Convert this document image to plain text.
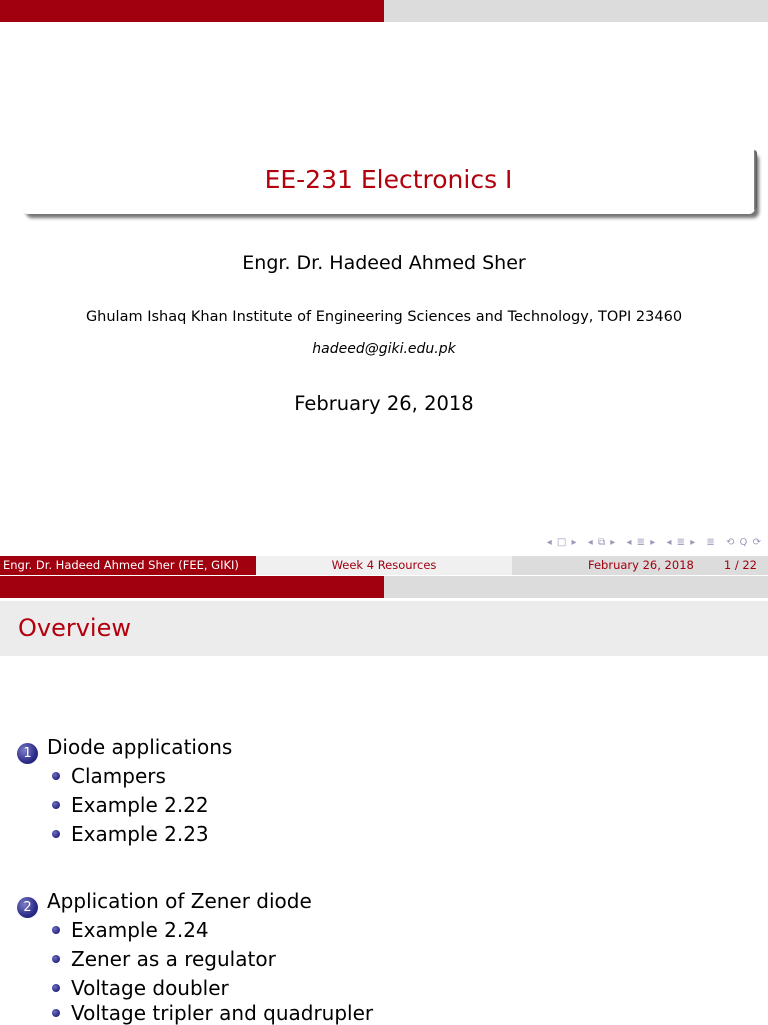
EE-231 Electronics I
Engr. Dr. Hadeed Ahmed Sher
Ghulam Ishaq Khan Institute of Engineering Sciences and Technology, TOPI 23460
hadeed@giki.edu.pk
February 26, 2018
◂ □ ▸ ◂ ⧉ ▸ ◂ ≣ ▸ ◂ ≣ ▸ ≣ ⟲ Q ⟳
Engr. Dr. Hadeed Ahmed Sher (FEE, GIKI)	Week 4 Resources	February 26, 2018	1 / 22
Overview
1 Diode applications
Clampers
Example 2.22
Example 2.23
2 Application of Zener diode
Example 2.24
Zener as a regulator
Voltage doubler
Voltage tripler and quadrupler
